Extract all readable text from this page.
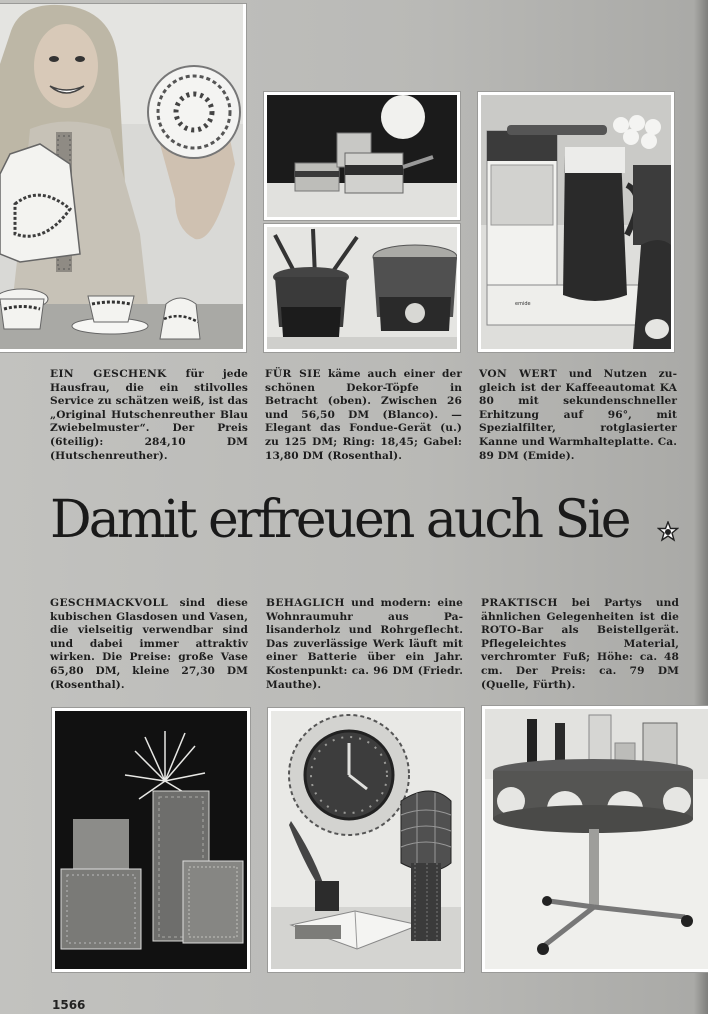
emide

EIN GESCHENK für jede Hausfrau, die ein stilvolles Service zu schätzen weiß, ist das „Original Hutschenreuther Blau Zwiebelmuster“. Der Preis (6teilig): 284,10 DM (Hutschenreuther).

FÜR SIE käme auch einer der schönen Dekor-Töpfe in Betracht (oben). Zwischen 26 und 56,50 DM (Blanco). — Elegant das Fondue-Gerät (u.) zu 125 DM; Ring: 18,45; Gabel: 13,80 DM (Rosenthal).

VON WERT und Nutzen zugleich ist der Kaffeeautomat KA 80 mit sekundenschneller Erhitzung auf 96°, mit Spezialfilter, rotglasierter Kanne und Warmhalteplatte. Ca. 89 DM (Emide).

Damit erfreuen auch Sie

GESCHMACKVOLL sind diese kubischen Glasdosen und Vasen, die vielseitig verwendbar sind und dabei immer attraktiv wirken. Die Preise: große Vase 65,80 DM, kleine 27,30 DM (Rosenthal).

BEHAGLICH und modern: eine Wohnraumuhr aus Palisanderholz und Rohrgeflecht. Das zuverlässige Werk läuft mit einer Batterie über ein Jahr. Kostenpunkt: ca. 96 DM (Friedr. Mauthe).

PRAKTISCH bei Partys und ähnlichen Gelegenheiten ist die ROTO-Bar als Beistellgerät. Pflegeleichtes Material, verchromter Fuß; Höhe: ca. 48 cm. Der Preis: ca. 79 DM (Quelle, Fürth).

1566
